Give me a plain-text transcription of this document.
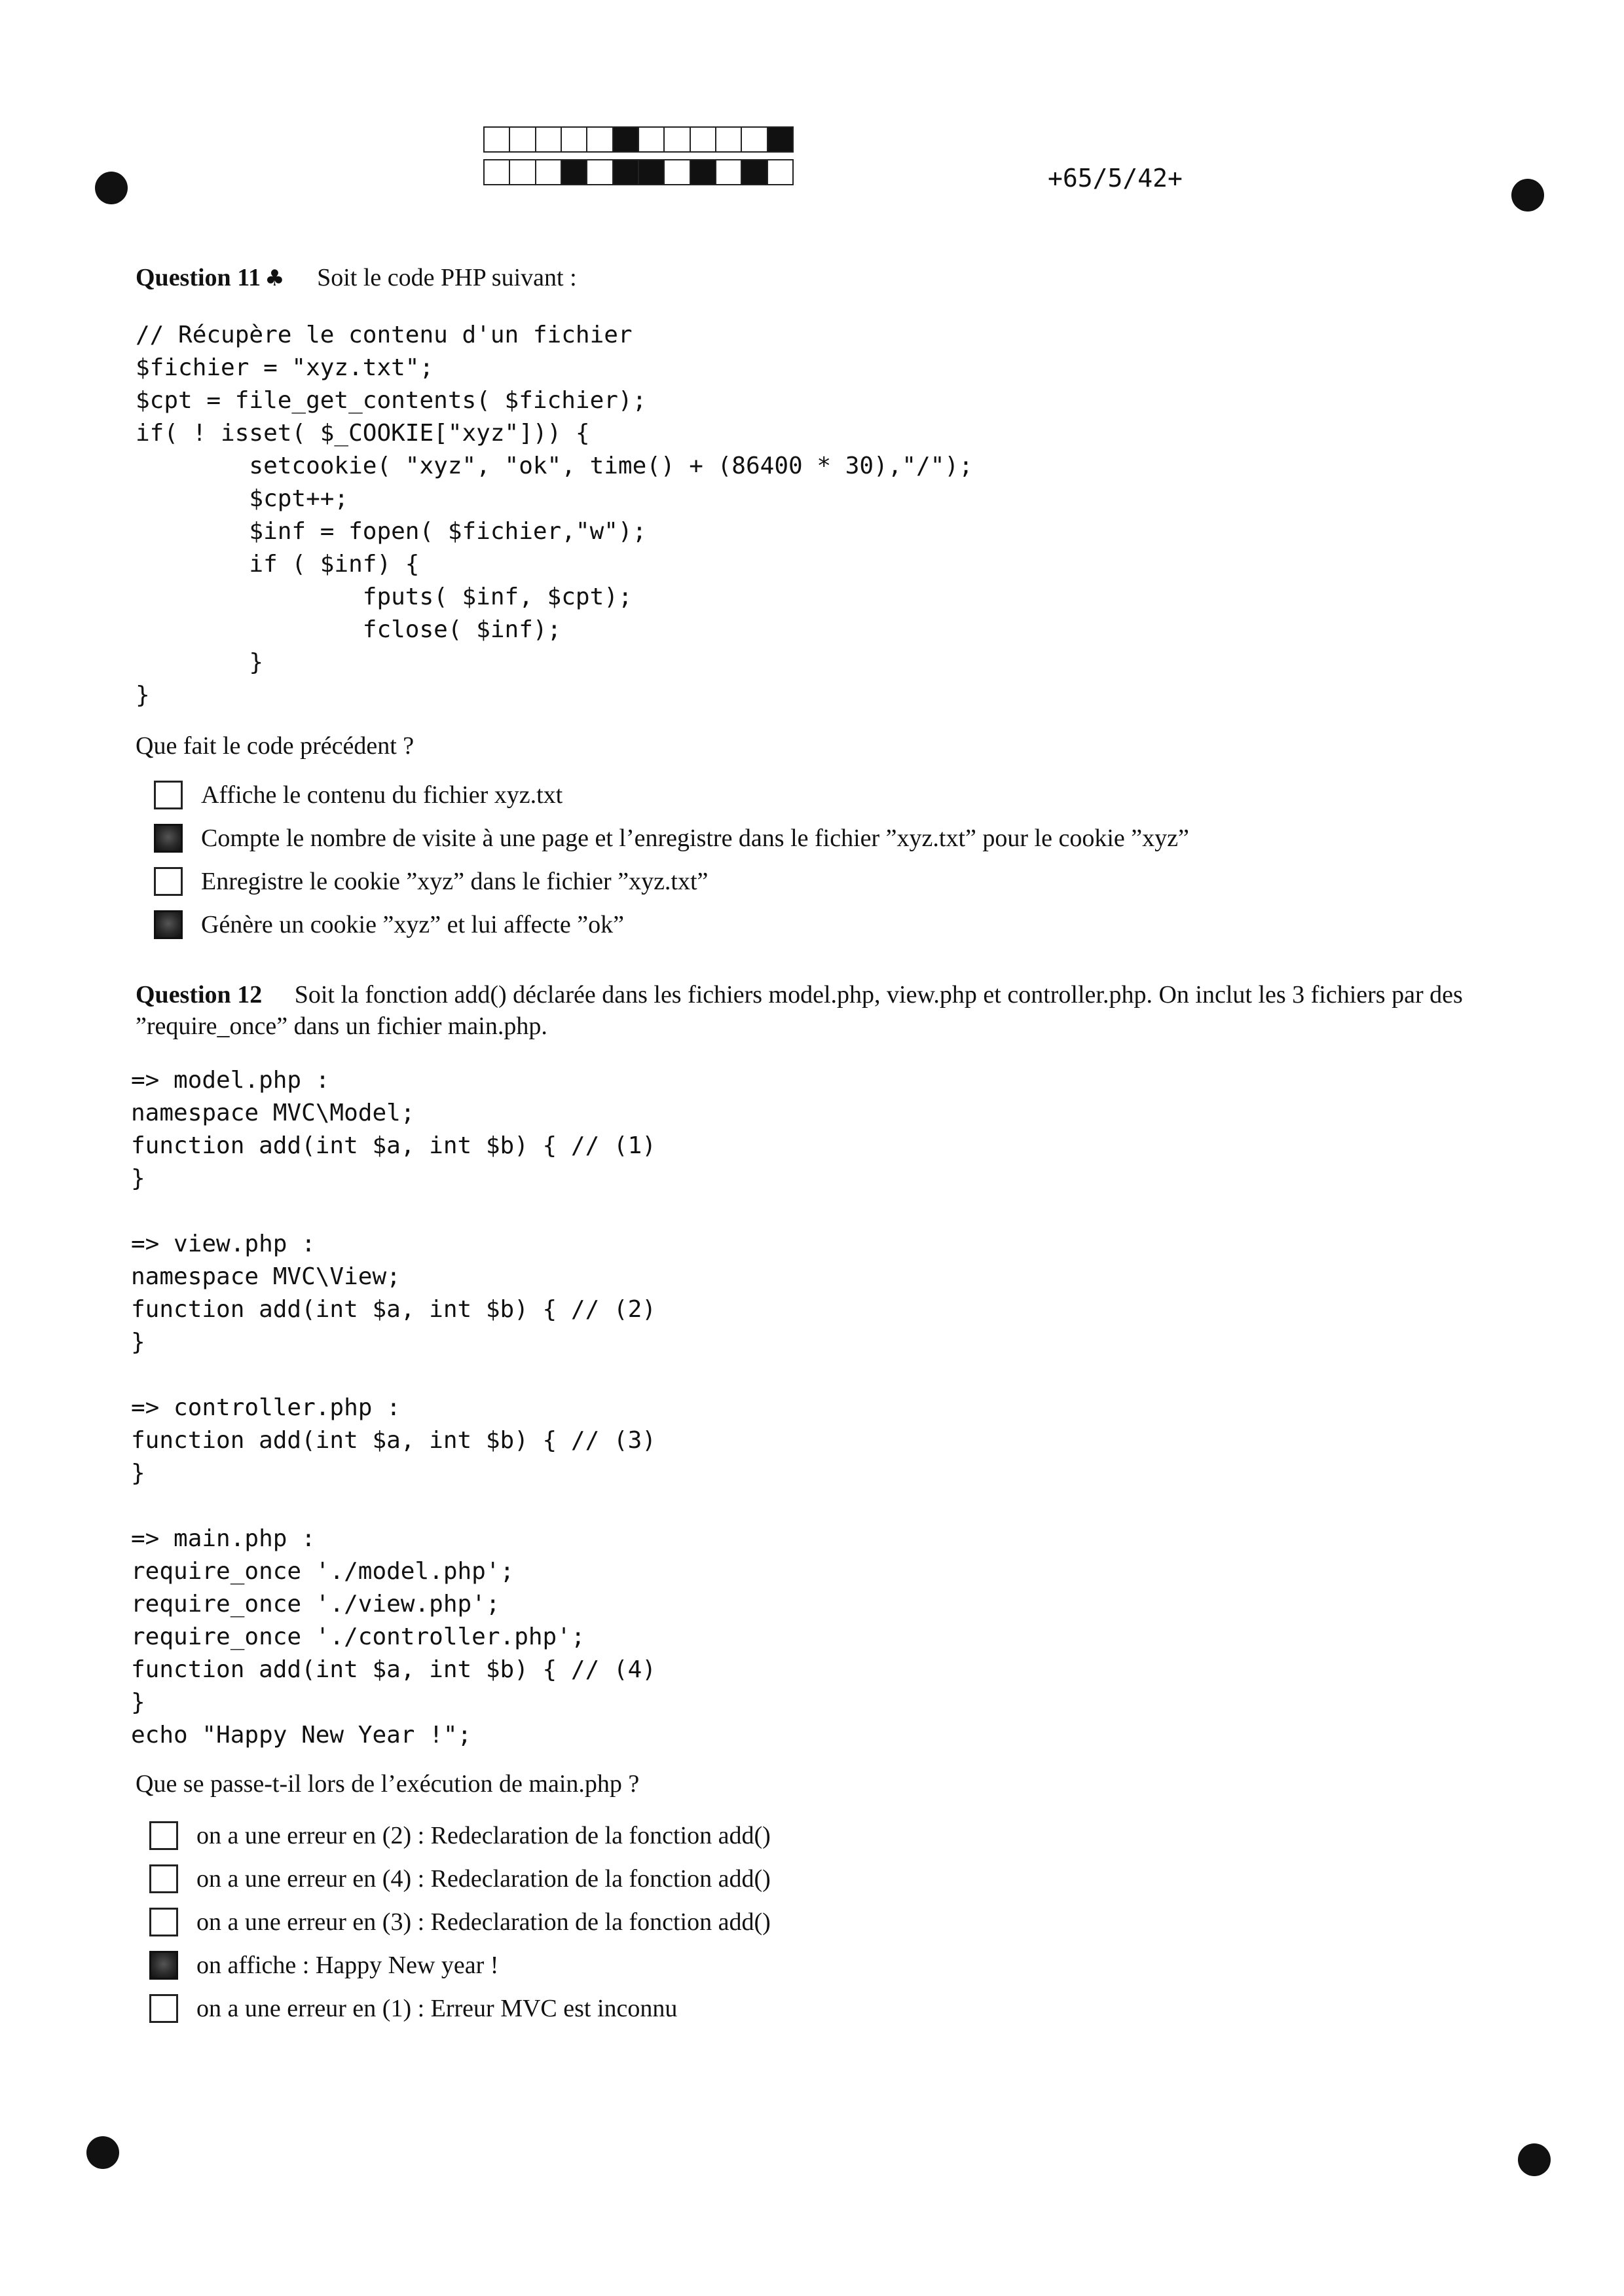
+65/5/42+
Question 11 ♣ Soit le code PHP suivant :
// Récupère le contenu d'un fichier
$fichier = "xyz.txt";
$cpt = file_get_contents( $fichier);
if( ! isset( $_COOKIE["xyz"])) {
setcookie( "xyz", "ok", time() + (86400 * 30),"/");
$cpt++;
$inf = fopen( $fichier,"w");
if ( $inf) {
fputs( $inf, $cpt);
fclose( $inf);
}
}
Que fait le code précédent ?
Affiche le contenu du fichier xyz.txt
Compte le nombre de visite à une page et l’enregistre dans le fichier ”xyz.txt” pour le cookie ”xyz”
Enregistre le cookie ”xyz” dans le fichier ”xyz.txt”
Génère un cookie ”xyz” et lui affecte ”ok”
Question 12 Soit la fonction add() déclarée dans les fichiers model.php, view.php et controller.php. On inclut les 3 fichiers par des ”require_once” dans un fichier main.php.
=> model.php :
namespace MVC\Model;
function add(int $a, int $b) { // (1)
}

=> view.php :
namespace MVC\View;
function add(int $a, int $b) { // (2)
}

=> controller.php :
function add(int $a, int $b) { // (3)
}

=> main.php :
require_once './model.php';
require_once './view.php';
require_once './controller.php';
function add(int $a, int $b) { // (4)
}
echo "Happy New Year !";
Que se passe-t-il lors de l’exécution de main.php ?
on a une erreur en (2) : Redeclaration de la fonction add()
on a une erreur en (4) : Redeclaration de la fonction add()
on a une erreur en (3) : Redeclaration de la fonction add()
on affiche : Happy New year !
on a une erreur en (1) : Erreur MVC est inconnu
